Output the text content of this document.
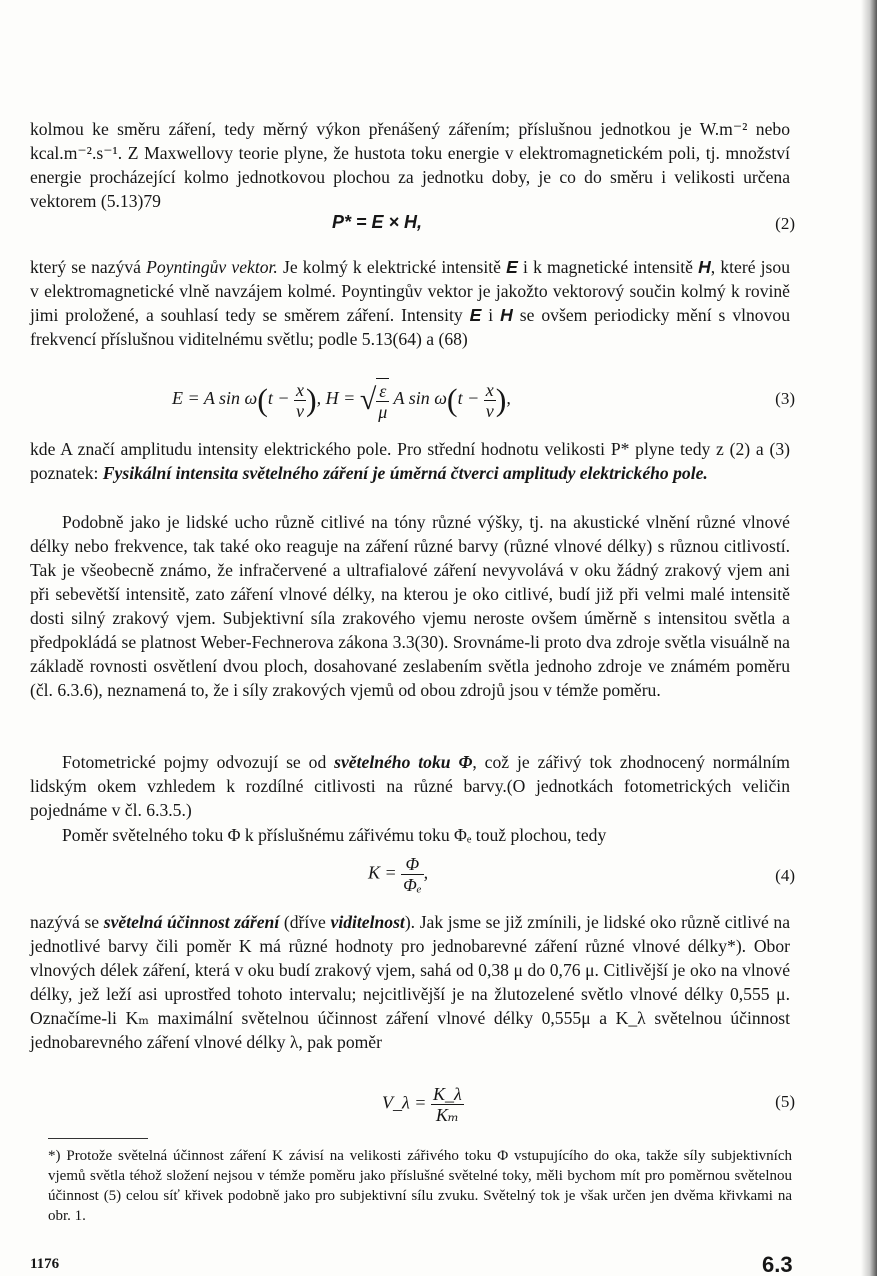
kolmou ke směru záření, tedy měrný výkon přenášený zářením; příslušnou jednotkou je W.m⁻² nebo kcal.m⁻².s⁻¹. Z Maxwellovy teorie plyne, že hustota toku energie v elektromagnetickém poli, tj. množství energie procházející kolmo jednotkovou plochou za jednotku doby, je co do směru i velikosti určena vektorem (5.13)79

P* = E × H,	(2)

který se nazývá Poyntingův vektor. Je kolmý k elektrické intensitě E i k magnetické intensitě H, které jsou v elektromagnetické vlně navzájem kolmé. Poyntingův vektor je jakožto vektorový součin kolmý k rovině jimi proložené, a souhlasí tedy se směrem záření. Intensity E i H se ovšem periodicky mění s vlnovou frekvencí příslušnou viditelnému světlu; podle 5.13(64) a (68)

E = A $\sin \omega(t - \frac{x}{v}$ ), H = √ $\frac{\varepsilon}{\mu}$ A $\sin \omega(t - \frac{x}{v}$ ),	(3)

kde A značí amplitudu intensity elektrického pole. Pro střední hodnotu velikosti P* plyne tedy z (2) a (3) poznatek: Fysikální intensita světelného záření je úměrná čtverci amplitudy elektrického pole.

Podobně jako je lidské ucho různě citlivé na tóny různé výšky, tj. na akustické vlnění různé vlnové délky nebo frekvence, tak také oko reaguje na záření různé barvy (různé vlnové délky) s různou citlivostí. Tak je všeobecně známo, že infračervené a ultrafialové záření nevyvolává v oku žádný zrakový vjem ani při sebevětší intensitě, zato záření vlnové délky, na kterou je oko citlivé, budí již při velmi malé intensitě dosti silný zrakový vjem. Subjektivní síla zrakového vjemu neroste ovšem úměrně s intensitou světla a předpokládá se platnost Weber-Fechnerova zákona 3.3(30). Srovnáme-li proto dva zdroje světla visuálně na základě rovnosti osvětlení dvou ploch, dosahované zeslabením světla jednoho zdroje ve známém poměru (čl. 6.3.6), neznamená to, že i síly zrakových vjemů od obou zdrojů jsou v témže poměru.

Fotometrické pojmy odvozují se od světelného toku Φ, což je zářivý tok zhodnocený normálním lidským okem vzhledem k rozdílné citlivosti na různé barvy.(O jednotkách fotometrických veličin pojednáme v čl. 6.3.5.)

Poměr světelného toku Φ k příslušnému zářivému toku Φₑ touž plochou, tedy

$K = \frac{\Phi}{\text{Φₑ}}$ ,	(4)

nazývá se světelná účinnost záření (dříve viditelnost). Jak jsme se již zmínili, je lidské oko různě citlivé na jednotlivé barvy čili poměr K má různé hodnoty pro jednobarevné záření různé vlnové délky*). Obor vlnových délek záření, která v oku budí zrakový vjem, sahá od 0,38 μ do 0,76 μ. Citlivější je oko na vlnové délky, jež leží asi uprostřed tohoto intervalu; nejcitlivější je na žlutozelené světlo vlnové délky 0,555 μ. Označíme-li Kₘ maximální světelnou účinnost záření vlnové délky 0,555μ a K_λ světelnou účinnost jednobarevného záření vlnové délky λ, pak poměr

V_λ = $\frac{K\_\lambda}{\text{Kₘ}}$	(5)

*) Protože světelná účinnost záření K závisí na velikosti zářivého toku Φ vstupujícího do oka, takže síly subjektivních vjemů světla téhož složení nejsou v témže poměru jako příslušné světelné toky, měli bychom mít pro poměrnou světelnou účinnost (5) celou síť křivek podobně jako pro subjektivní sílu zvuku. Světelný tok je však určen jen dvěma křivkami na obr. 1.

1176	6.3
